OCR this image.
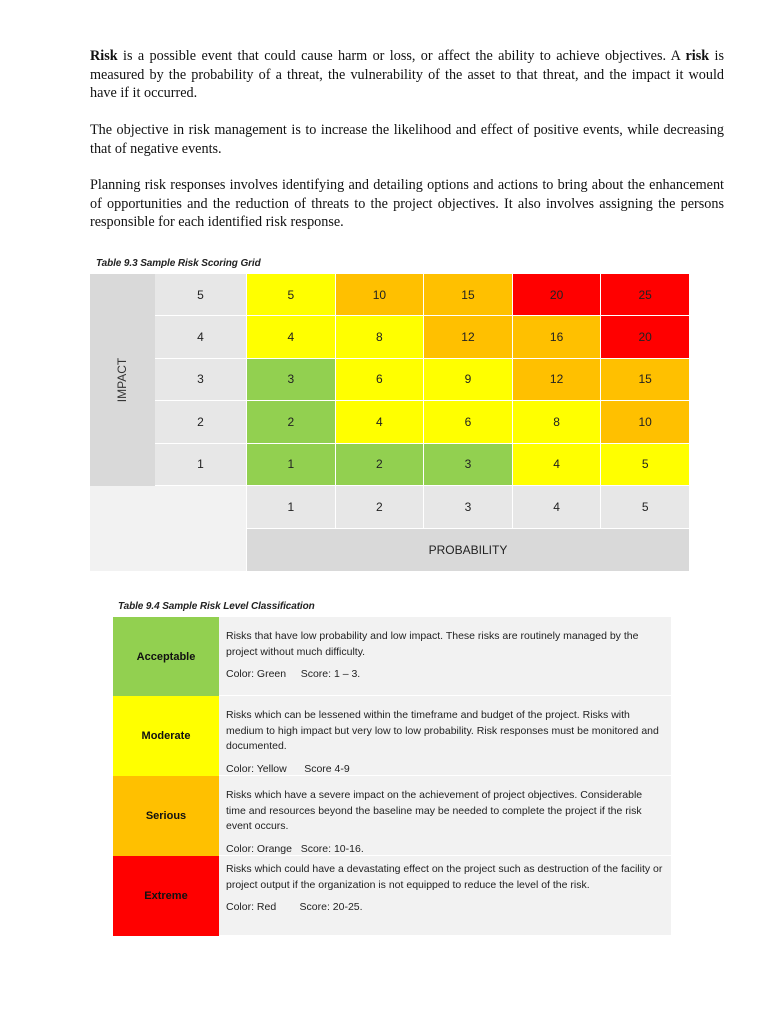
Risk is a possible event that could cause harm or loss, or affect the ability to achieve objectives. A risk is measured by the probability of a threat, the vulnerability of the asset to that threat, and the impact it would have if it occurred.

The objective in risk management is to increase the likelihood and effect of positive events, while decreasing that of negative events.

Planning risk responses involves identifying and detailing options and actions to bring about the enhancement of opportunities and the reduction of threats to the project objectives. It also involves assigning the persons responsible for each identified risk response.

Table 9.3 Sample Risk Scoring Grid
IMPACT
PROBABILITY
5
4
3
2
1
5	10	15	20	25
4	8	12	16	20
3	6	9	12	15
2	4	6	8	10
1	2	3	4	5
1	2	3	4	5
Table 9.4 Sample Risk Level Classification
Acceptable

Risks that have low probability and low impact. These risks are routinely managed by the project without much difficulty.

Color: Green     Score: 1 – 3.

Moderate

Risks which can be lessened within the timeframe and budget of the project. Risks with medium to high impact but very low to low probability. Risk responses must be monitored and documented.

Color: Yellow      Score 4-9

Serious

Risks which have a severe impact on the achievement of project objectives. Considerable time and resources beyond the baseline may be needed to complete the project if the risk event occurs.

Color: Orange   Score: 10-16.

Extreme

Risks which could have a devastating effect on the project such as destruction of the facility or project output if the organization is not equipped to reduce the level of the risk.

Color: Red        Score: 20-25.
